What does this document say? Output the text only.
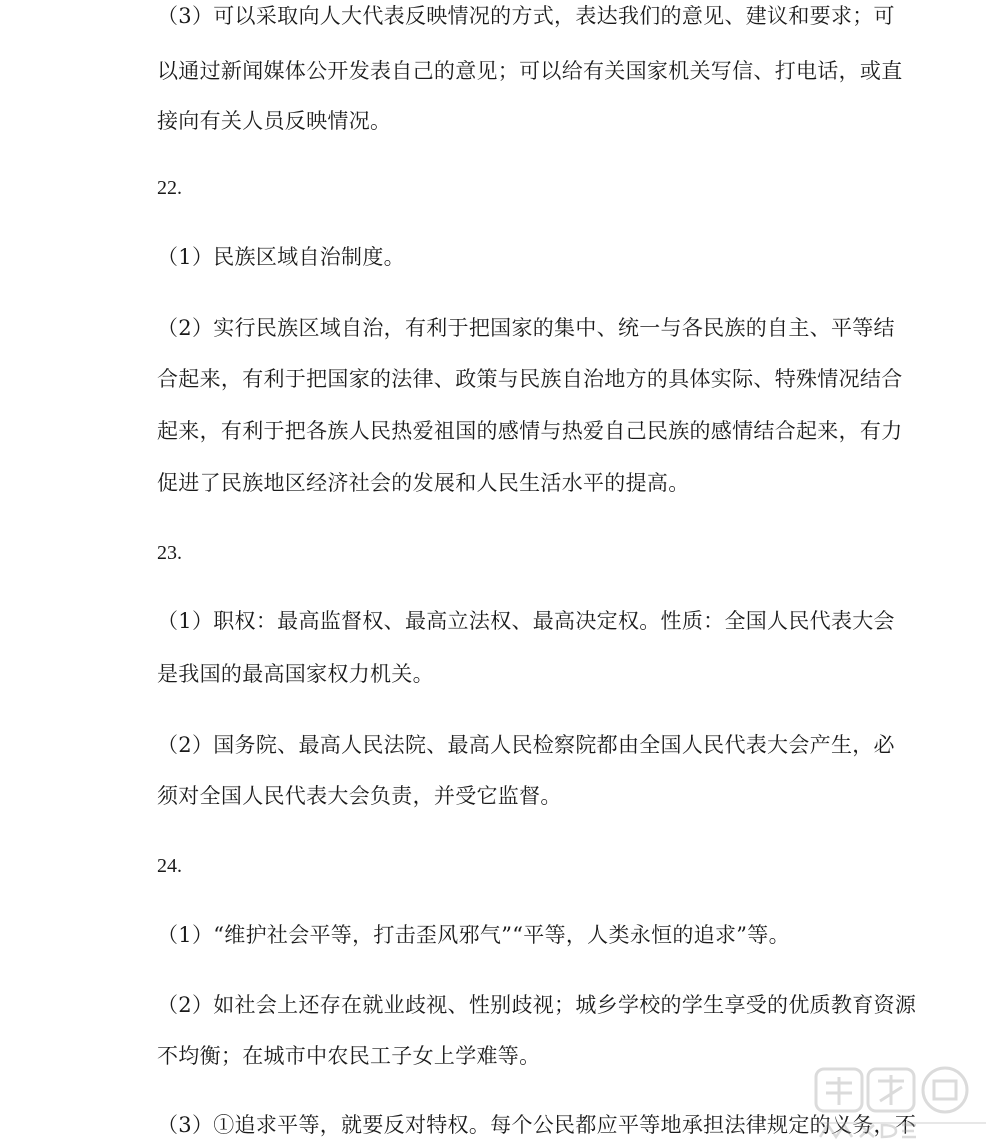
（3）可以采取向人大代表反映情况的方式，表达我们的意见、建议和要求；可
以通过新闻媒体公开发表自己的意见；可以给有关国家机关写信、打电话，或直
接向有关人员反映情况。
22.
（1）民族区域自治制度。
（2）实行民族区域自治，有利于把国家的集中、统一与各民族的自主、平等结
合起来，有利于把国家的法律、政策与民族自治地方的具体实际、特殊情况结合
起来，有利于把各族人民热爱祖国的感情与热爱自己民族的感情结合起来，有力
促进了民族地区经济社会的发展和人民生活水平的提高。
23.
（1）职权：最高监督权、最高立法权、最高决定权。性质：全国人民代表大会
是我国的最高国家权力机关。
（2）国务院、最高人民法院、最高人民检察院都由全国人民代表大会产生，必
须对全国人民代表大会负责，并受它监督。
24.
（1）“维护社会平等，打击歪风邪气”“平等，人类永恒的追求”等。
（2）如社会上还存在就业歧视、性别歧视；城乡学校的学生享受的优质教育资源
不均衡；在城市中农民工子女上学难等。
（3）①追求平等，就要反对特权。每个公民都应平等地承担法律规定的义务，不
